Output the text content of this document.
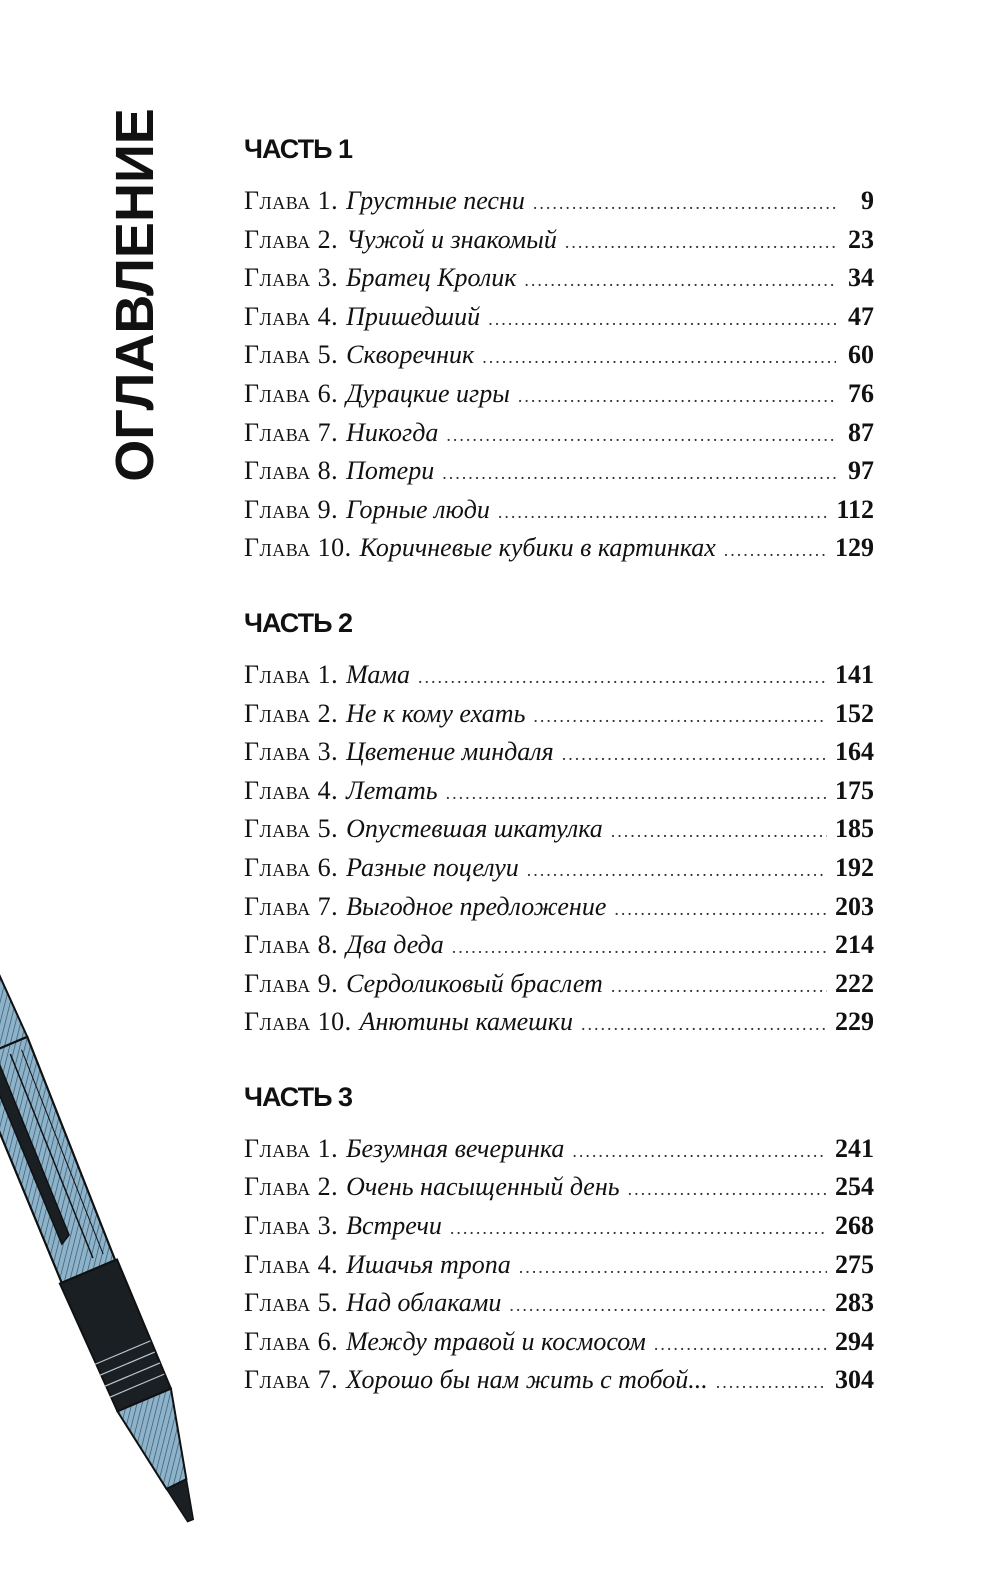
ОГЛАВЛЕНИЕ	ЧАСТЬ 1
Глава 1. Грустные песни .....	9
Глава 2. Чужой и знакомый .....	23
Глава 3. Братец Кролик .....	34
Глава 4. Пришедший .....	47
Глава 5. Скворечник .....	60
Глава 6. Дурацкие игры .....	76
Глава 7. Никогда .....	87
Глава 8. Потери .....	97
Глава 9. Горные люди .....	112
Глава 10. Коричневые кубики в картинках .....	129
ЧАСТЬ 2
Глава 1. Мама .....	141
Глава 2. Не к кому ехать .....	152
Глава 3. Цветение миндаля .....	164
Глава 4. Летать .....	175
Глава 5. Опустевшая шкатулка .....	185
Глава 6. Разные поцелуи .....	192
Глава 7. Выгодное предложение .....	203
Глава 8. Два деда .....	214
Глава 9. Сердоликовый браслет .....	222
Глава 10. Анютины камешки .....	229
ЧАСТЬ 3
Глава 1. Безумная вечеринка .....	241
Глава 2. Очень насыщенный день .....	254
Глава 3. Встречи .....	268
Глава 4. Ишачья тропа .....	275
Глава 5. Над облаками .....	283
Глава 6. Между травой и космосом .....	294
Глава 7. Хорошо бы нам жить с тобой... .....	304
